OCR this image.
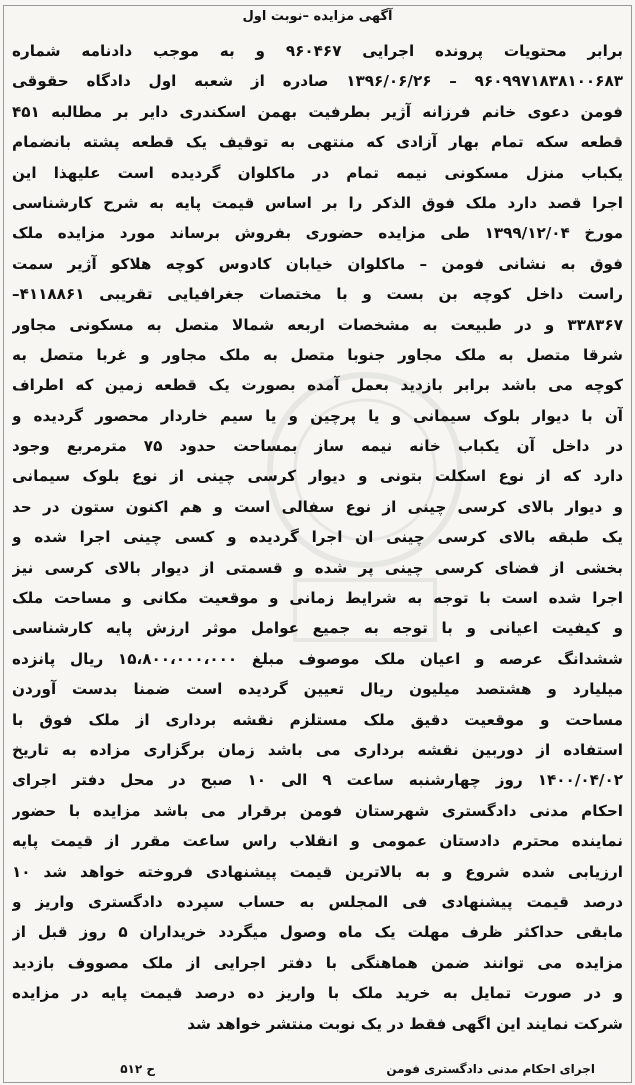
آگهی مزایده –نوبت اول
برابر محتویات پرونده اجرایی ۹۶۰۴۶۷ و به موجب دادنامه شماره
۹۶۰۹۹۷۱۸۳۸۱۰۰۶۸۳ – ۱۳۹۶/۰۶/۲۶ صادره از شعبه اول دادگاه حقوقی
فومن دعوی خانم فرزانه آژیر بطرفیت بهمن اسکندری دایر بر مطالبه ۴۵۱
قطعه سکه تمام بهار آزادی که منتهی به توقیف یک قطعه پشته بانضمام
یکباب منزل مسکونی نیمه تمام در ماکلوان گردیده است علیهذا این
اجرا قصد دارد ملک فوق الذکر را بر اساس قیمت پایه به شرح کارشناسی
مورخ ۱۳۹۹/۱۲/۰۴ طی مزایده حضوری بفروش برساند مورد مزایده ملک
فوق به نشانی فومن – ماکلوان خیابان کادوس کوچه هلاکو آژیر سمت
راست داخل کوچه بن بست و با مختصات جغرافیایی تقریبی ۴۱۱۸۸۶۱–
۳۳۸۳۶۷ و در طبیعت به مشخصات اربعه شمالا متصل به مسکونی مجاور
شرقا متصل به ملک مجاور جنوبا متصل به ملک مجاور و غربا متصل به
کوچه می باشد برابر بازدید بعمل آمده بصورت یک قطعه زمین که اطراف
آن با دیوار بلوک سیمانی و یا پرچین و یا سیم خاردار محصور گردیده و
در داخل آن یکباب خانه نیمه ساز بمساحت حدود ۷۵ مترمربع وجود
دارد که از نوع اسکلت بتونی و دیوار کرسی چینی از نوع بلوک سیمانی
و دیوار بالای کرسی چینی از نوع سفالی است و هم اکنون ستون در حد
یک طبقه بالای کرسی چینی ان اجرا گردیده و کسی چینی اجرا شده و
بخشی از فضای کرسی چینی پر شده و قسمتی از دیوار بالای کرسی نیز
اجرا شده است با توجه به شرایط زمانی و موقعیت مکانی و مساحت ملک
و کیفیت اعیانی و با توجه به جمیع عوامل موثر ارزش پایه کارشناسی
ششدانگ عرصه و اعیان ملک موصوف مبلغ ۱۵،۸۰۰،۰۰۰،۰۰۰ ریال پانزده
میلیارد و هشتصد میلیون ریال تعیین گردیده است ضمنا بدست آوردن
مساحت و موقعیت دقیق ملک مستلزم نقشه برداری از ملک فوق با
استفاده از دوربین نقشه برداری می باشد زمان برگزاری مزاده به تاریخ
۱۴۰۰/۰۴/۰۲ روز چهارشنبه ساعت ۹ الی ۱۰ صبح در محل دفتر اجرای
احکام مدنی دادگستری شهرستان فومن برقرار می باشد مزایده با حضور
نماینده محترم دادستان عمومی و انقلاب راس ساعت مقرر از قیمت پایه
ارزیابی شده شروع و به بالاترین قیمت پیشنهادی فروخته خواهد شد ۱۰
درصد قیمت پیشنهادی فی المجلس به حساب سپرده دادگستری واریز و
مابقی حداکثر ظرف مهلت یک ماه وصول میگردد خریداران ۵ روز قبل از
مزایده می توانند ضمن هماهنگی با دفتر اجرایی از ملک مصووف بازدید
و در صورت تمایل به خرید ملک با واریز ده درصد قیمت پایه در مزایده
شرکت نمایند این اگهی فقط در یک نوبت منتشر خواهد شد
اجرای احکام مدنی دادگستری فومن
ح ۵۱۲
